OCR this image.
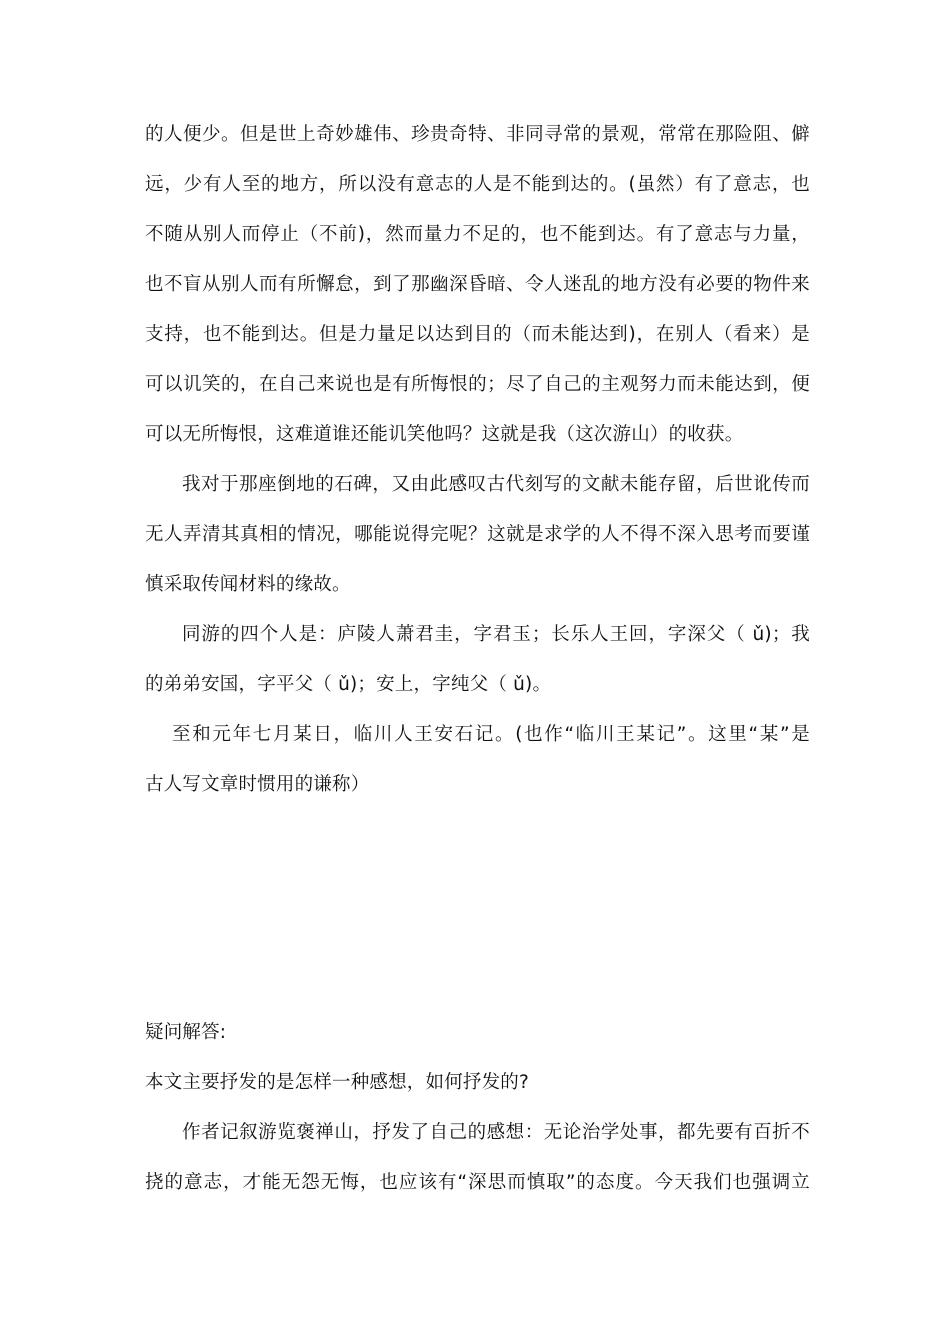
的人便少。但是世上奇妙雄伟、珍贵奇特、非同寻常的景观，常常在那险阻、僻
远，少有人至的地方，所以没有意志的人是不能到达的。(虽然）有了意志，也
不随从别人而停止（不前)，然而量力不足的，也不能到达。有了意志与力量，
也不盲从别人而有所懈怠，到了那幽深昏暗、令人迷乱的地方没有必要的物件来
支持，也不能到达。但是力量足以达到目的（而未能达到)，在别人（看来）是
可以讥笑的，在自己来说也是有所悔恨的；尽了自己的主观努力而未能达到，便
可以无所悔恨，这难道谁还能讥笑他吗？这就是我（这次游山）的收获。
我对于那座倒地的石碑，又由此感叹古代刻写的文献未能存留，后世讹传而
无人弄清其真相的情况，哪能说得完呢？这就是求学的人不得不深入思考而要谨
慎采取传闻材料的缘故。
同游的四个人是：庐陵人萧君圭，字君玉；长乐人王回，字深父（ ǔ)；我
的弟弟安国，字平父（ ǔ)；安上，字纯父（ ǔ)。
至和元年七月某日，临川人王安石记。(也作“临川王某记”。这里“某”是
古人写文章时惯用的谦称）
疑问解答:
本文主要抒发的是怎样一种感想，如何抒发的?
作者记叙游览褒禅山，抒发了自己的感想：无论治学处事，都先要有百折不
挠的意志，才能无怨无悔，也应该有“深思而慎取”的态度。今天我们也强调立
